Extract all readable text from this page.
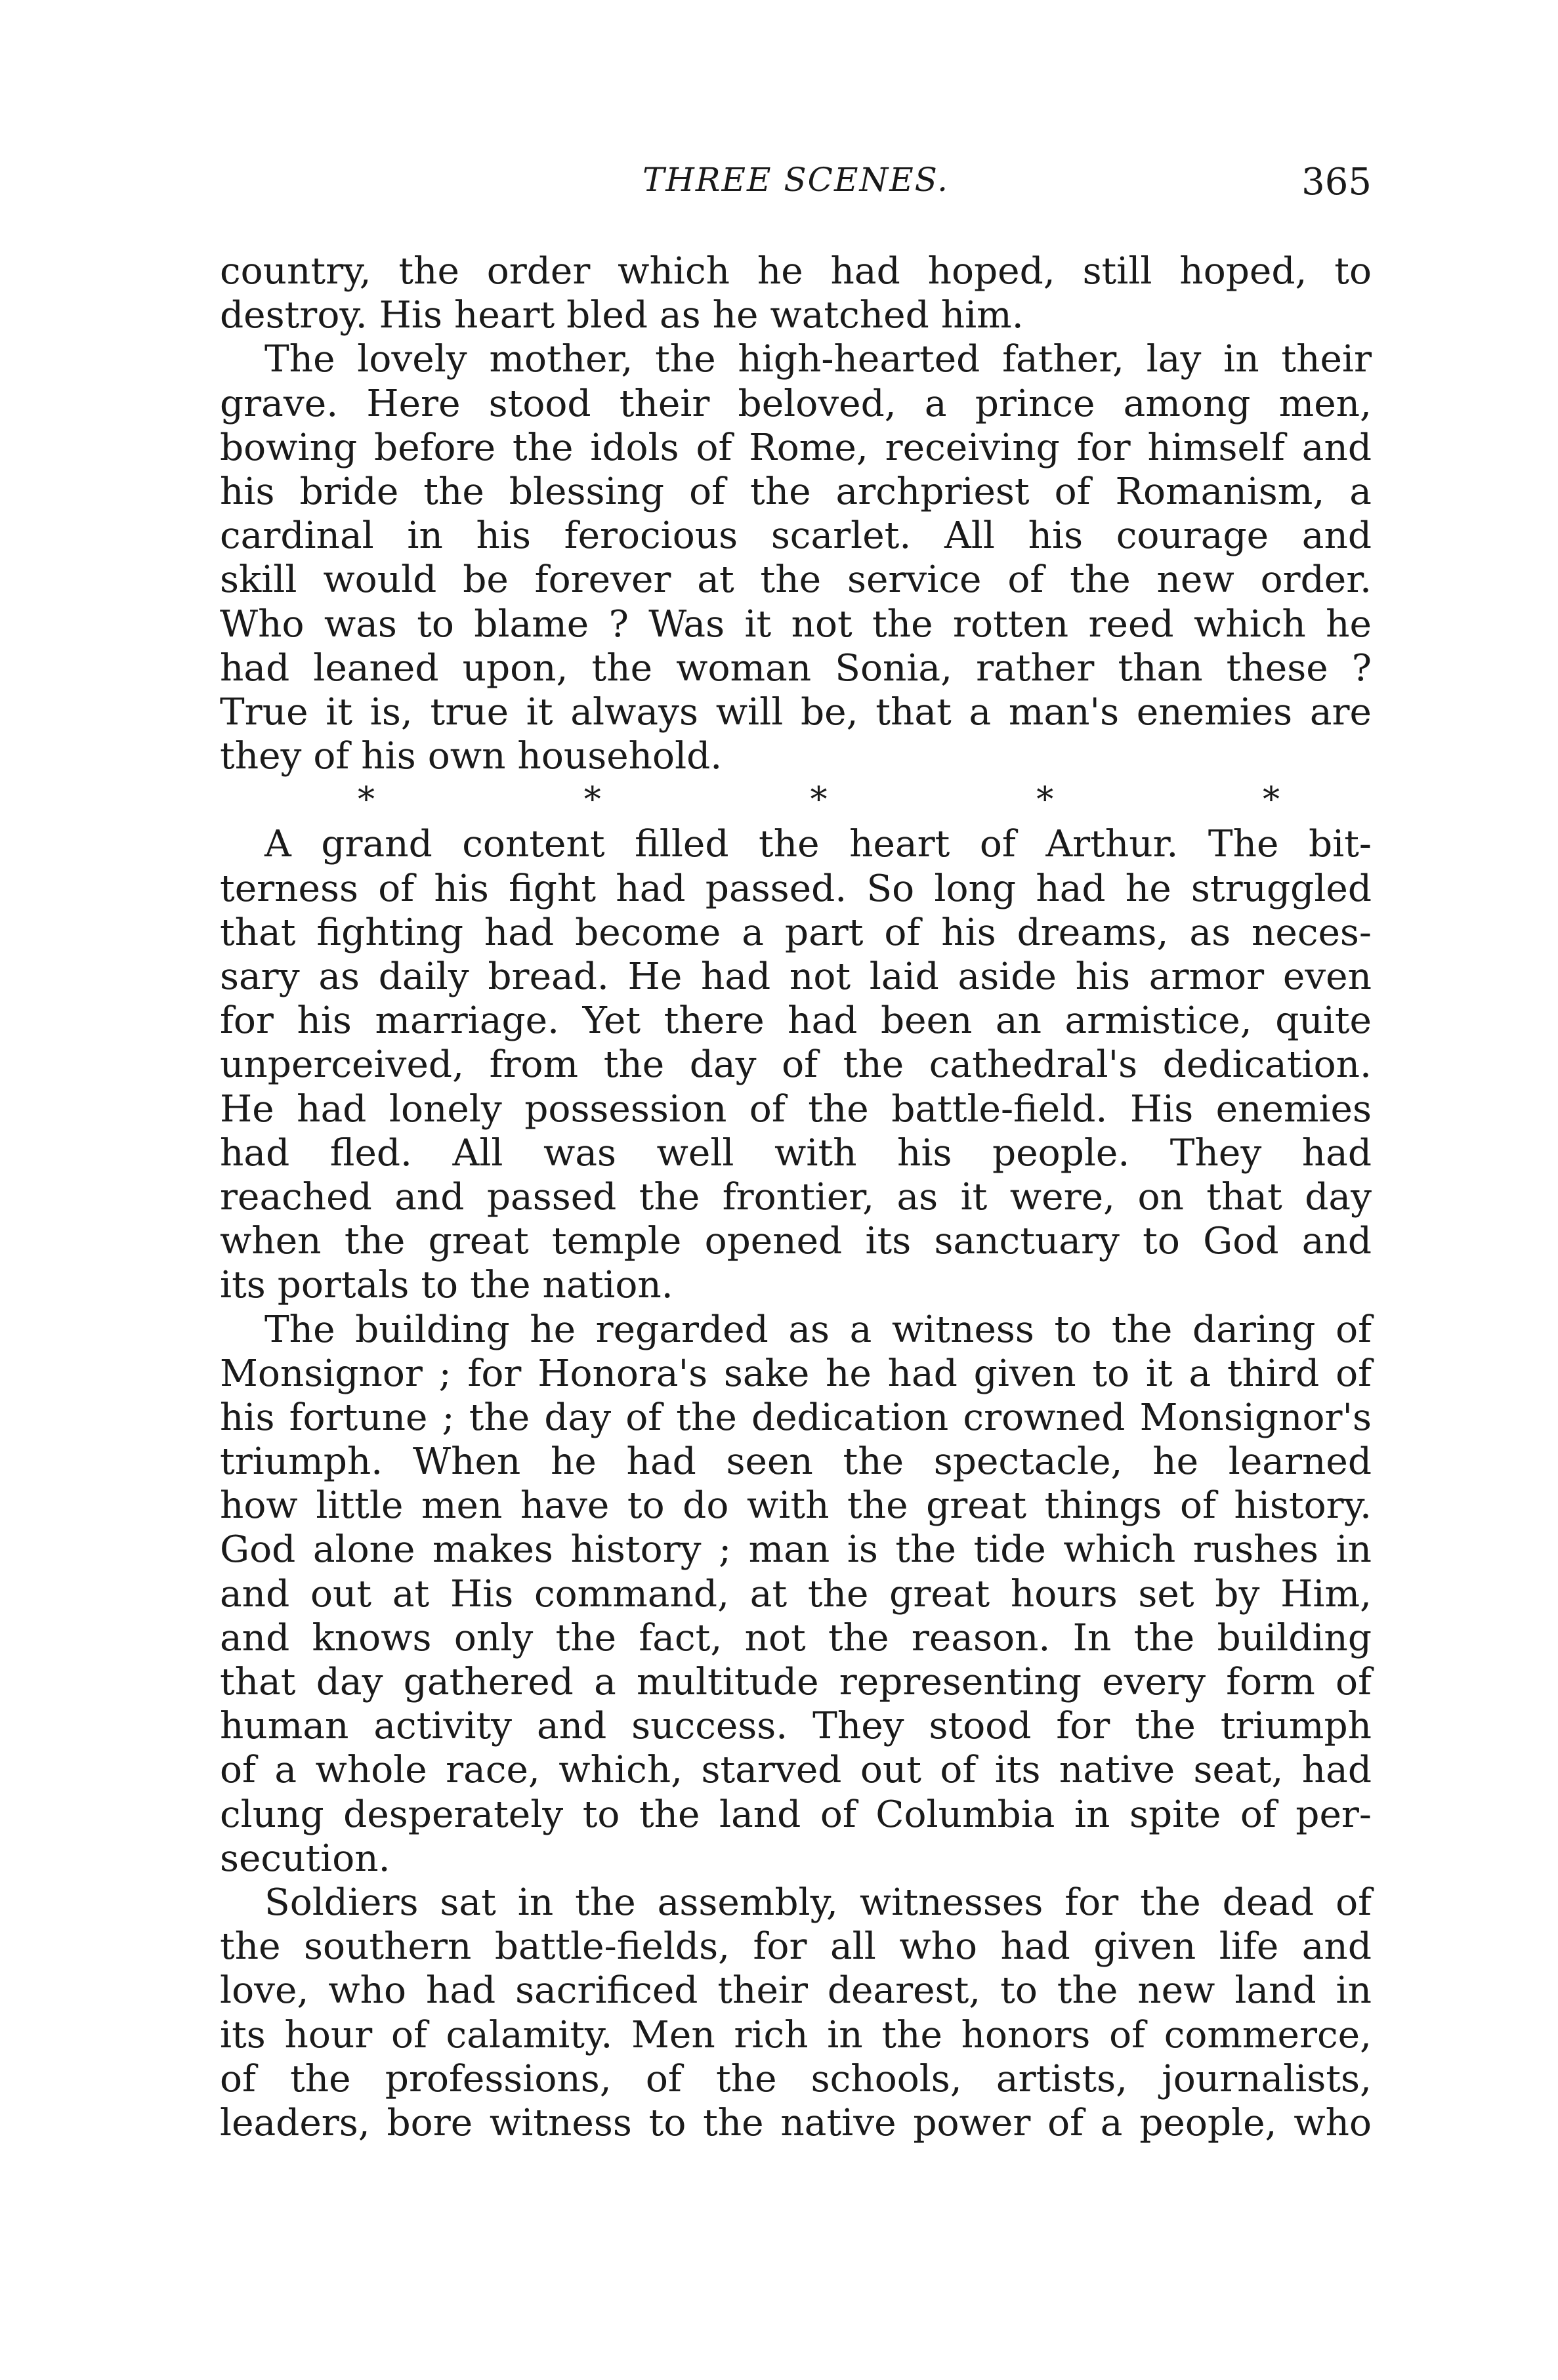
THREE SCENES.	365
country, the order which he had hoped, still hoped, to
destroy. His heart bled as he watched him.
The lovely mother, the high-hearted father, lay in their
grave. Here stood their beloved, a prince among men,
bowing before the idols of Rome, receiving for himself and
his bride the blessing of the archpriest of Romanism, a
cardinal in his ferocious scarlet. All his courage and
skill would be forever at the service of the new order.
Who was to blame ? Was it not the rotten reed which he
had leaned upon, the woman Sonia, rather than these ?
True it is, true it always will be, that a man's enemies are
they of his own household.
*	*	*	*	*
A grand content filled the heart of Arthur. The bit-
terness of his fight had passed. So long had he struggled
that fighting had become a part of his dreams, as neces-
sary as daily bread. He had not laid aside his armor even
for his marriage. Yet there had been an armistice, quite
unperceived, from the day of the cathedral's dedication.
He had lonely possession of the battle-field. His enemies
had fled. All was well with his people. They had
reached and passed the frontier, as it were, on that day
when the great temple opened its sanctuary to God and
its portals to the nation.
The building he regarded as a witness to the daring of
Monsignor ; for Honora's sake he had given to it a third of
his fortune ; the day of the dedication crowned Monsignor's
triumph. When he had seen the spectacle, he learned
how little men have to do with the great things of history.
God alone makes history ; man is the tide which rushes in
and out at His command, at the great hours set by Him,
and knows only the fact, not the reason. In the building
that day gathered a multitude representing every form of
human activity and success. They stood for the triumph
of a whole race, which, starved out of its native seat, had
clung desperately to the land of Columbia in spite of per-
secution.
Soldiers sat in the assembly, witnesses for the dead of
the southern battle-fields, for all who had given life and
love, who had sacrificed their dearest, to the new land in
its hour of calamity. Men rich in the honors of commerce,
of the professions, of the schools, artists, journalists,
leaders, bore witness to the native power of a people, who
